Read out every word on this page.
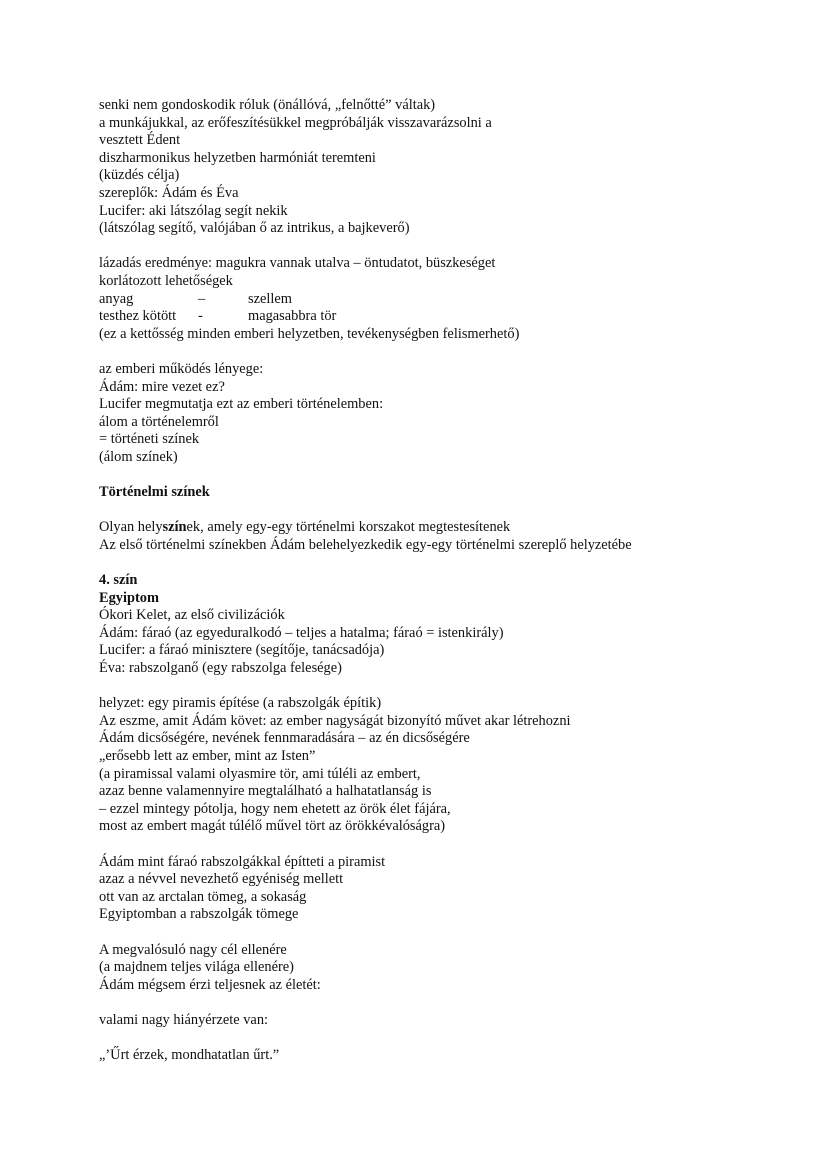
senki nem gondoskodik róluk (önállóvá, „felnőtté” váltak)
a munkájukkal, az erőfeszítésükkel megpróbálják visszavarázsolni a
vesztett Édent
diszharmonikus helyzetben harmóniát teremteni
(küzdés célja)
szereplők: Ádám és Éva
Lucifer: aki látszólag segít nekik
(látszólag segítő, valójában ő az intrikus, a bajkeverő)
lázadás eredménye: magukra vannak utalva – öntudatot, büszkeséget
korlátozott lehetőségek
anyag	–	szellem
testhez kötött -	magasabbra tör
(ez a kettősség minden emberi helyzetben, tevékenységben felismerhető)
az emberi működés lényege:
Ádám: mire vezet ez?
Lucifer megmutatja ezt az emberi történelemben:
álom a történelemről
= történeti színek
(álom színek)
Történelmi színek
Olyan helyszínek, amely egy-egy történelmi korszakot megtestesítenek
Az első történelmi színekben Ádám belehelyezkedik egy-egy történelmi szereplő helyzetébe
4. szín
Egyiptom
Ókori Kelet, az első civilizációk
Ádám: fáraó (az egyeduralkodó – teljes a hatalma; fáraó = istenkirály)
Lucifer: a fáraó minisztere (segítője, tanácsadója)
Éva: rabszolganő (egy rabszolga felesége)
helyzet: egy piramis építése (a rabszolgák építik)
Az eszme, amit Ádám követ: az ember nagyságát bizonyító művet akar létrehozni
Ádám dicsőségére, nevének fennmaradására – az én dicsőségére
„erősebb lett az ember, mint az Isten”
(a piramissal valami olyasmire tör, ami túléli az embert,
azaz benne valamennyire megtalálható a halhatatlanság is
– ezzel mintegy pótolja, hogy nem ehetett az örök élet fájára,
most az embert magát túlélő művel tört az örökkévalóságra)
Ádám mint fáraó rabszolgákkal építteti a piramist
azaz a névvel nevezhető egyéniség mellett
ott van az arctalan tömeg, a sokaság
Egyiptomban a rabszolgák tömege
A megvalósuló nagy cél ellenére
(a majdnem teljes világa ellenére)
Ádám mégsem érzi teljesnek az életét:
valami nagy hiányérzete van:
„’Űrt érzek, mondhatatlan űrt.”
